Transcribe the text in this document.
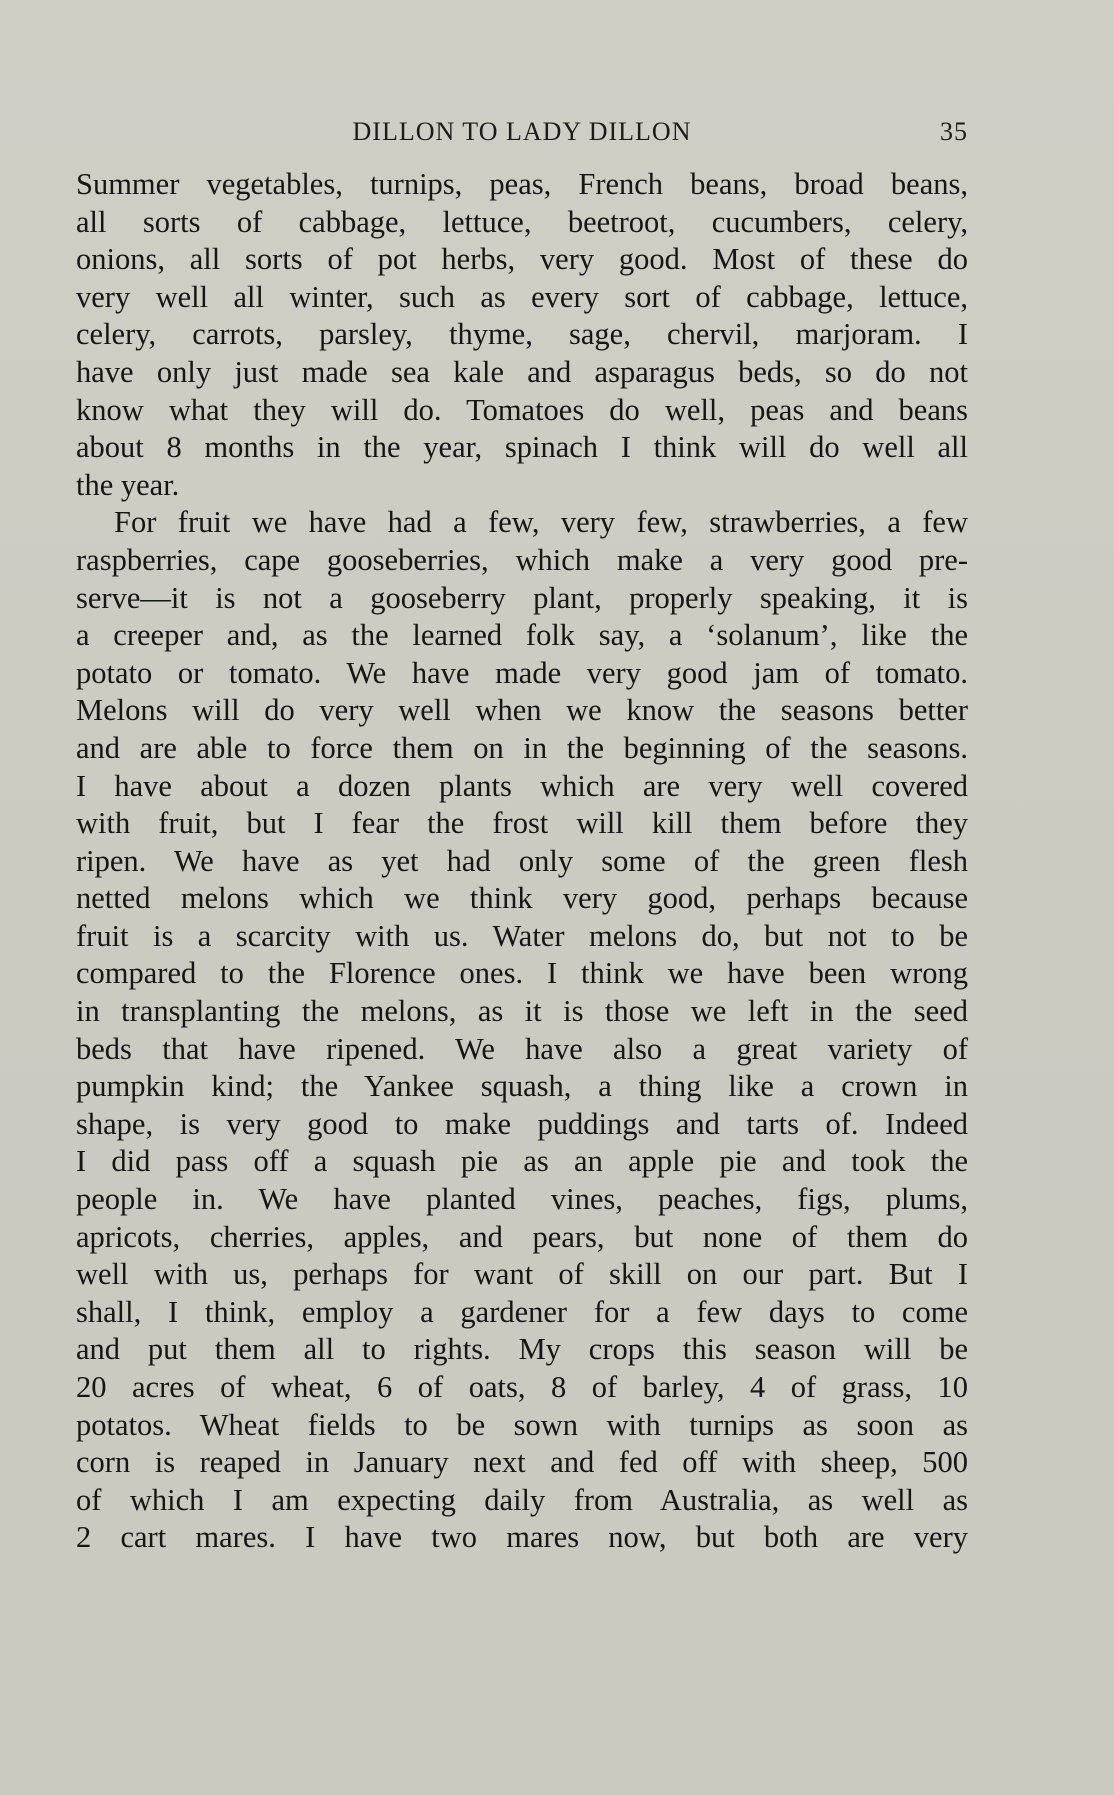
DILLON TO LADY DILLON	35
Summer vegetables, turnips, peas, French beans, broad beans,
all sorts of cabbage, lettuce, beetroot, cucumbers, celery,
onions, all sorts of pot herbs, very good. Most of these do
very well all winter, such as every sort of cabbage, lettuce,
celery, carrots, parsley, thyme, sage, chervil, marjoram. I
have only just made sea kale and asparagus beds, so do not
know what they will do. Tomatoes do well, peas and beans
about 8 months in the year, spinach I think will do well all
the year.
For fruit we have had a few, very few, strawberries, a few
raspberries, cape gooseberries, which make a very good pre-
serve—it is not a gooseberry plant, properly speaking, it is
a creeper and, as the learned folk say, a ‘solanum’, like the
potato or tomato. We have made very good jam of tomato.
Melons will do very well when we know the seasons better
and are able to force them on in the beginning of the seasons.
I have about a dozen plants which are very well covered
with fruit, but I fear the frost will kill them before they
ripen. We have as yet had only some of the green flesh
netted melons which we think very good, perhaps because
fruit is a scarcity with us. Water melons do, but not to be
compared to the Florence ones. I think we have been wrong
in transplanting the melons, as it is those we left in the seed
beds that have ripened. We have also a great variety of
pumpkin kind; the Yankee squash, a thing like a crown in
shape, is very good to make puddings and tarts of. Indeed
I did pass off a squash pie as an apple pie and took the
people in. We have planted vines, peaches, figs, plums,
apricots, cherries, apples, and pears, but none of them do
well with us, perhaps for want of skill on our part. But I
shall, I think, employ a gardener for a few days to come
and put them all to rights. My crops this season will be
20 acres of wheat, 6 of oats, 8 of barley, 4 of grass, 10
potatos. Wheat fields to be sown with turnips as soon as
corn is reaped in January next and fed off with sheep, 500
of which I am expecting daily from Australia, as well as
2 cart mares. I have two mares now, but both are very
